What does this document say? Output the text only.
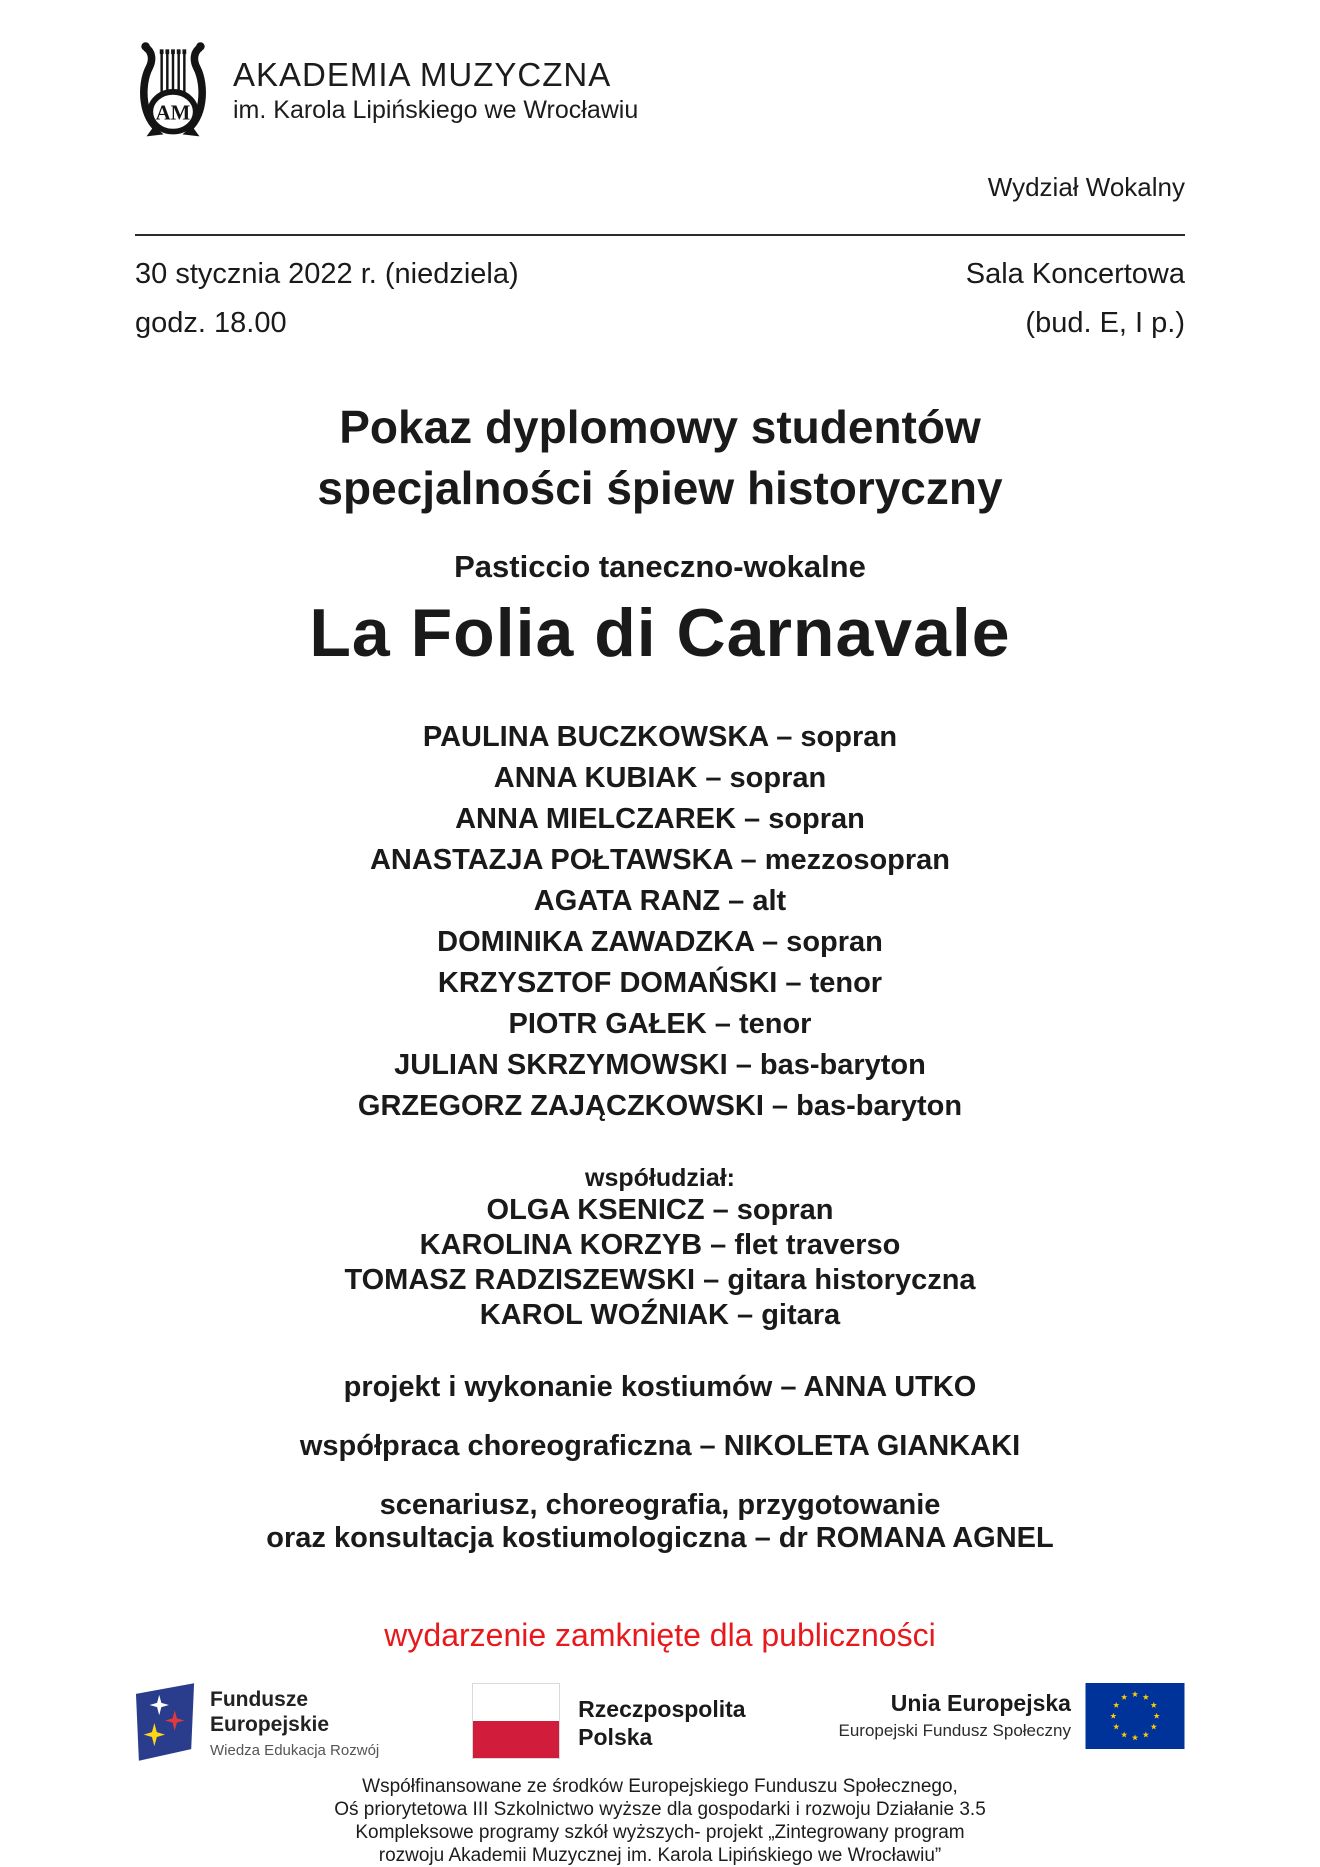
AM
AKADEMIA MUZYCZNA
im. Karola Lipińskiego we Wrocławiu
Wydział Wokalny
30 stycznia 2022 r. (niedziela)
godz. 18.00
Sala Koncertowa
(bud. E, I p.)
Pokaz dyplomowy studentów
specjalności śpiew historyczny
Pasticcio taneczno-wokalne
La Folia di Carnavale
PAULINA BUCZKOWSKA – sopran
ANNA KUBIAK – sopran
ANNA MIELCZAREK – sopran
ANASTAZJA POŁTAWSKA – mezzosopran
AGATA RANZ – alt
DOMINIKA ZAWADZKA – sopran
KRZYSZTOF DOMAŃSKI – tenor
PIOTR GAŁEK – tenor
JULIAN SKRZYMOWSKI – bas-baryton
GRZEGORZ ZAJĄCZKOWSKI – bas-baryton
współudział:
OLGA KSENICZ – sopran
KAROLINA KORZYB – flet traverso
TOMASZ RADZISZEWSKI – gitara historyczna
KAROL WOŹNIAK – gitara
projekt i wykonanie kostiumów – ANNA UTKO
współpraca choreograficzna – NIKOLETA GIANKAKI
scenariusz, choreografia, przygotowanie
oraz konsultacja kostiumologiczna – dr ROMANA AGNEL
wydarzenie zamknięte dla publiczności
Fundusze
Europejskie
Wiedza Edukacja Rozwój
Rzeczpospolita
Polska
Unia Europejska
Europejski Fundusz Społeczny
Współfinansowane ze środków Europejskiego Funduszu Społecznego,
Oś priorytetowa III Szkolnictwo wyższe dla gospodarki i rozwoju Działanie 3.5
Kompleksowe programy szkół wyższych- projekt „Zintegrowany program
rozwoju Akademii Muzycznej im. Karola Lipińskiego we Wrocławiu”
